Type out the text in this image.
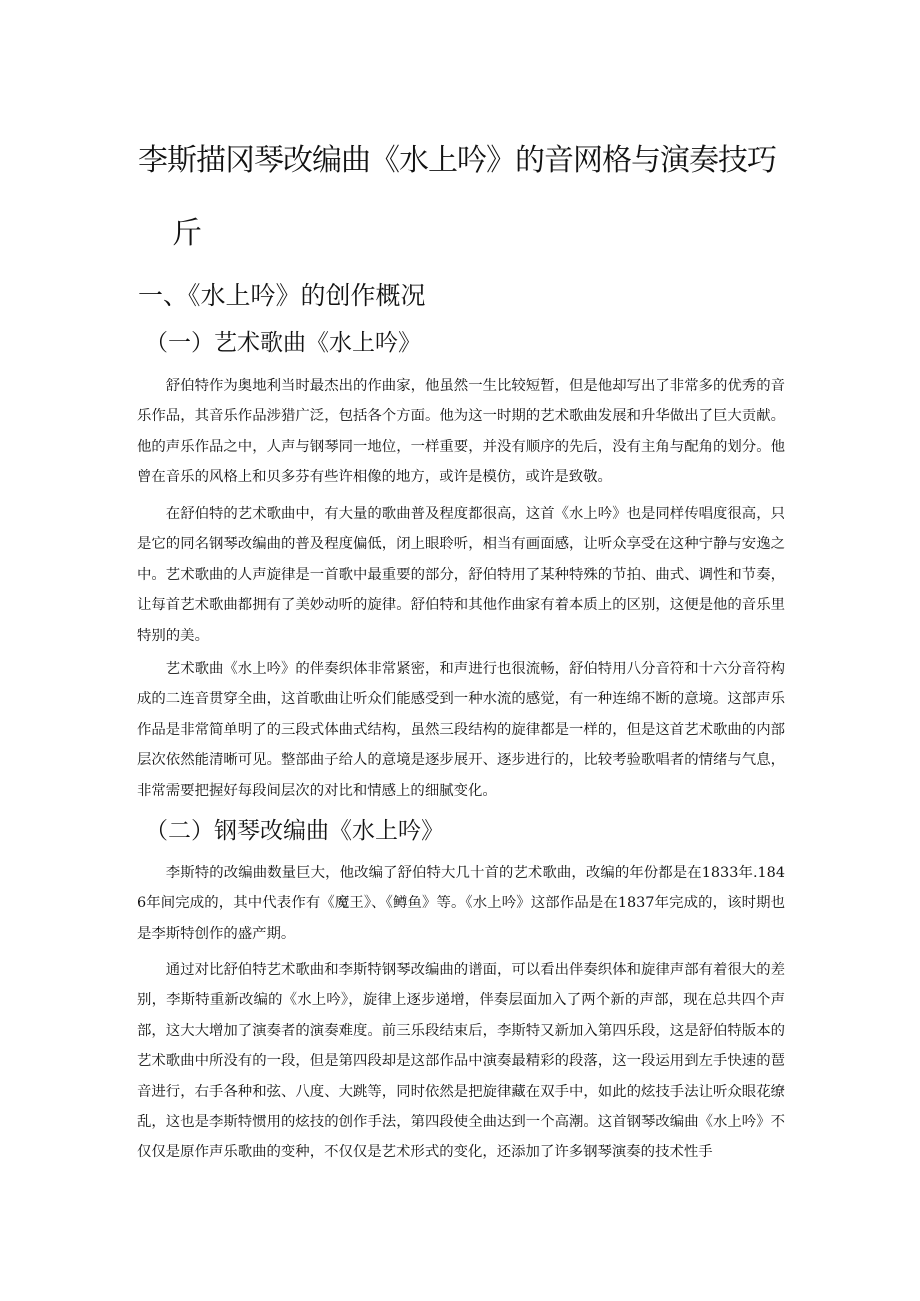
李斯描冈琴改编曲《水上吟》的音网格与演奏技巧
斤
一、《水上吟》的创作概况
（一）艺术歌曲《水上吟》

舒伯特作为奥地利当时最杰出的作曲家，他虽然一生比较短暂，但是他却写出了非常多的优秀的音乐作品，其音乐作品涉猎广泛，包括各个方面。他为这一时期的艺术歌曲发展和升华做出了巨大贡献。他的声乐作品之中，人声与钢琴同一地位，一样重要，并没有顺序的先后，没有主角与配角的划分。他曾在音乐的风格上和贝多芬有些许相像的地方，或许是模仿，或许是致敬。

在舒伯特的艺术歌曲中，有大量的歌曲普及程度都很高，这首《水上吟》也是同样传唱度很高，只是它的同名钢琴改编曲的普及程度偏低，闭上眼聆听，相当有画面感，让听众享受在这种宁静与安逸之中。艺术歌曲的人声旋律是一首歌中最重要的部分，舒伯特用了某种特殊的节拍、曲式、调性和节奏，让每首艺术歌曲都拥有了美妙动听的旋律。舒伯特和其他作曲家有着本质上的区别，这便是他的音乐里特别的美。

艺术歌曲《水上吟》的伴奏织体非常紧密，和声进行也很流畅，舒伯特用八分音符和十六分音符构成的二连音贯穿全曲，这首歌曲让听众们能感受到一种水流的感觉，有一种连绵不断的意境。这部声乐作品是非常简单明了的三段式体曲式结构，虽然三段结构的旋律都是一样的，但是这首艺术歌曲的内部层次依然能清晰可见。整部曲子给人的意境是逐步展开、逐步进行的，比较考验歌唱者的情绪与气息，非常需要把握好每段间层次的对比和情感上的细腻变化。

（二）钢琴改编曲《水上吟》

李斯特的改编曲数量巨大，他改编了舒伯特大几十首的艺术歌曲，改编的年份都是在1833年.1846年间完成的，其中代表作有《魔王》、《鳟鱼》等。《水上吟》这部作品是在1837年完成的，该时期也是李斯特创作的盛产期。

通过对比舒伯特艺术歌曲和李斯特钢琴改编曲的谱面，可以看出伴奏织体和旋律声部有着很大的差别，李斯特重新改编的《水上吟》，旋律上逐步递增，伴奏层面加入了两个新的声部，现在总共四个声部，这大大增加了演奏者的演奏难度。前三乐段结束后，李斯特又新加入第四乐段，这是舒伯特版本的艺术歌曲中所没有的一段，但是第四段却是这部作品中演奏最精彩的段落，这一段运用到左手快速的琶音进行，右手各种和弦、八度、大跳等，同时依然是把旋律藏在双手中，如此的炫技手法让听众眼花缭乱，这也是李斯特惯用的炫技的创作手法，第四段使全曲达到一个高潮。这首钢琴改编曲《水上吟》不仅仅是原作声乐歌曲的变种，不仅仅是艺术形式的变化，还添加了许多钢琴演奏的技术性手
